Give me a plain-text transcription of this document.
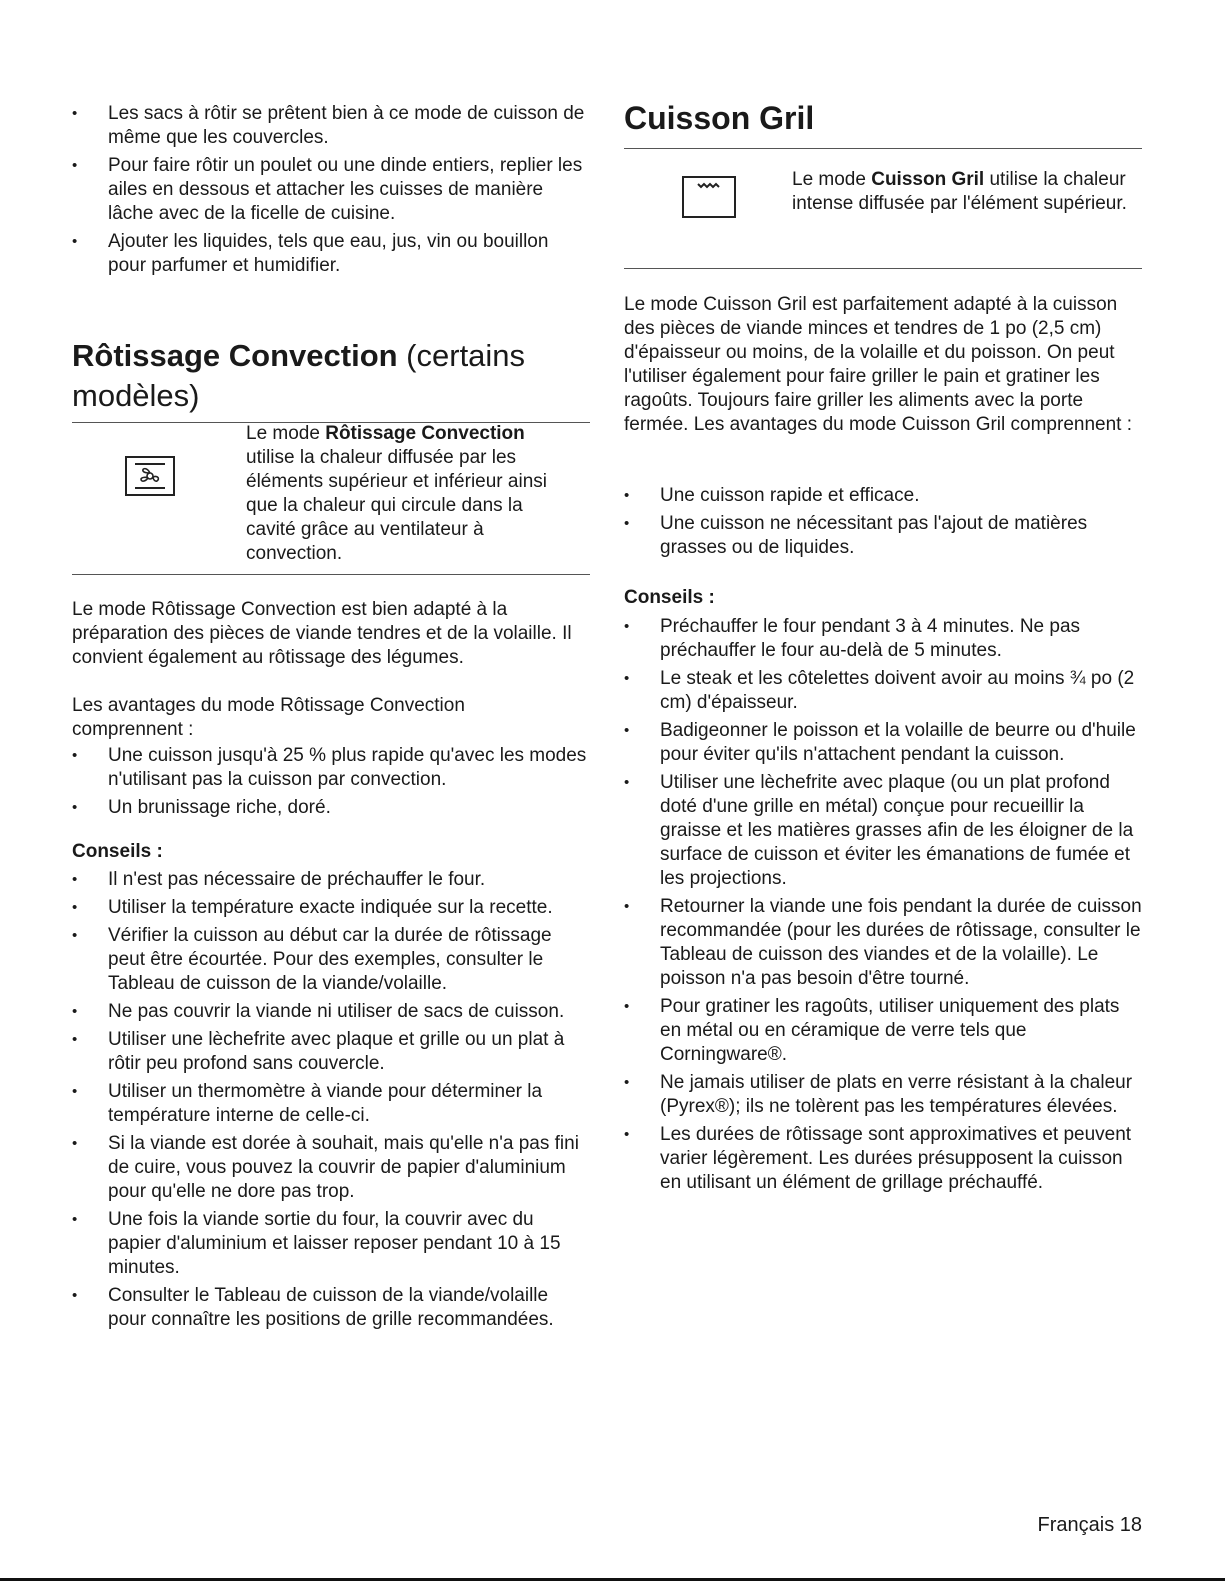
• Les sacs à rôtir se prêtent bien à ce mode de cuisson de même que les couvercles.
• Pour faire rôtir un poulet ou une dinde entiers, replier les ailes en dessous et attacher les cuisses de manière lâche avec de la ficelle de cuisine.
• Ajouter les liquides, tels que eau, jus, vin ou bouillon pour parfumer et humidifier.
Rôtissage Convection (certains modèles)
Le mode Rôtissage Convection utilise la chaleur diffusée par les éléments supérieur et inférieur ainsi que la chaleur qui circule dans la cavité grâce au ventilateur à convection.

Le mode Rôtissage Convection est bien adapté à la préparation des pièces de viande tendres et de la volaille. Il convient également au rôtissage des légumes.

Les avantages du mode Rôtissage Convection comprennent :

• Une cuisson jusqu'à 25 % plus rapide qu'avec les modes n'utilisant pas la cuisson par convection.
• Un brunissage riche, doré.
Conseils :
• Il n'est pas nécessaire de préchauffer le four.
• Utiliser la température exacte indiquée sur la recette.
• Vérifier la cuisson au début car la durée de rôtissage peut être écourtée. Pour des exemples, consulter le Tableau de cuisson de la viande/volaille.
• Ne pas couvrir la viande ni utiliser de sacs de cuisson.
• Utiliser une lèchefrite avec plaque et grille ou un plat à rôtir peu profond sans couvercle.
• Utiliser un thermomètre à viande pour déterminer la température interne de celle-ci.
• Si la viande est dorée à souhait, mais qu'elle n'a pas fini de cuire, vous pouvez la couvrir de papier d'aluminium pour qu'elle ne dore pas trop.
• Une fois la viande sortie du four, la couvrir avec du papier d'aluminium et laisser reposer pendant 10 à 15 minutes.
• Consulter le Tableau de cuisson de la viande/volaille pour connaître les positions de grille recommandées.
Cuisson Gril
Le mode Cuisson Gril utilise la chaleur intense diffusée par l'élément supérieur.

Le mode Cuisson Gril est parfaitement adapté à la cuisson des pièces de viande minces et tendres de 1 po (2,5 cm) d'épaisseur ou moins, de la volaille et du poisson. On peut l'utiliser également pour faire griller le pain et gratiner les ragoûts. Toujours faire griller les aliments avec la porte fermée. Les avantages du mode Cuisson Gril comprennent :

• Une cuisson rapide et efficace.
• Une cuisson ne nécessitant pas l'ajout de matières grasses ou de liquides.
Conseils :
• Préchauffer le four pendant 3 à 4 minutes. Ne pas préchauffer le four au-delà de 5 minutes.
• Le steak et les côtelettes doivent avoir au moins ¾ po (2 cm) d'épaisseur.
• Badigeonner le poisson et la volaille de beurre ou d'huile pour éviter qu'ils n'attachent pendant la cuisson.
• Utiliser une lèchefrite avec plaque (ou un plat profond doté d'une grille en métal) conçue pour recueillir la graisse et les matières grasses afin de les éloigner de la surface de cuisson et éviter les émanations de fumée et les projections.
• Retourner la viande une fois pendant la durée de cuisson recommandée (pour les durées de rôtissage, consulter le Tableau de cuisson des viandes et de la volaille). Le poisson n'a pas besoin d'être tourné.
• Pour gratiner les ragoûts, utiliser uniquement des plats en métal ou en céramique de verre tels que Corningware®.
• Ne jamais utiliser de plats en verre résistant à la chaleur (Pyrex®); ils ne tolèrent pas les températures élevées.
• Les durées de rôtissage sont approximatives et peuvent varier légèrement. Les durées présupposent la cuisson en utilisant un élément de grillage préchauffé.
Français 18
